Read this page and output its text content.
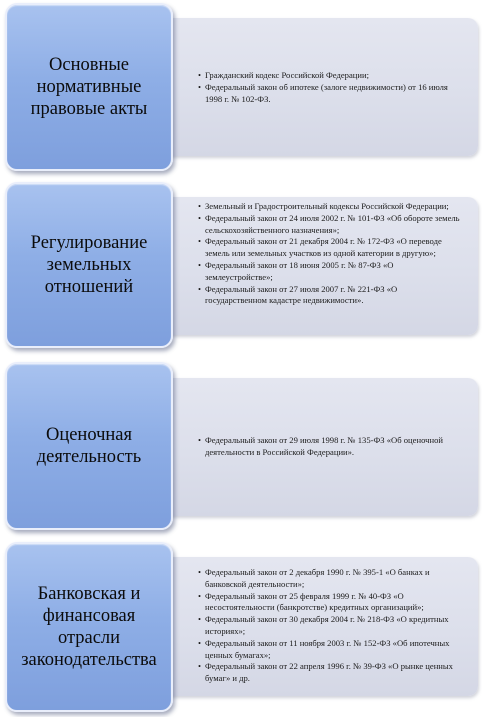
• Гражданский кодекс Российской Федерации;
• Федеральный закон об ипотеке (залоге недвижимости) от 16 июля 1998 г. № 102-ФЗ.
Основные нормативные правовые акты
• Земельный и Градостроительный кодексы Российской Федерации;
• Федеральный закон от 24 июля 2002 г. № 101-ФЗ «Об обороте земель сельскохозяйственного назначения»;
• Федеральный закон от 21 декабря 2004 г. № 172-ФЗ «О переводе земель или земельных участков из одной категории в другую»;
• Федеральный закон от 18 июня 2005 г. № 87-ФЗ «О землеустройстве»;
• Федеральный закон от 27 июля 2007 г. № 221-ФЗ «О государственном кадастре недвижимости».
Регулирование земельных отношений
• Федеральный закон от 29 июля 1998 г. № 135-ФЗ «Об оценочной деятельности в Российской Федерации».
Оценочная деятельность
• Федеральный закон от 2 декабря 1990 г. № 395-1 «О банках и банковской деятельности»;
• Федеральный закон от 25 февраля 1999 г. № 40-ФЗ «О несостоятельности (банкротстве) кредитных организаций»;
• Федеральный закон от 30 декабря 2004 г. № 218-ФЗ «О кредитных историях»;
• Федеральный закон от 11 ноября 2003 г. № 152-ФЗ «Об ипотечных ценных бумагах»;
• Федеральный закон от 22 апреля 1996 г. № 39-ФЗ «О рынке ценных бумаг» и др.
Банковская и финансовая отрасли законодательства
